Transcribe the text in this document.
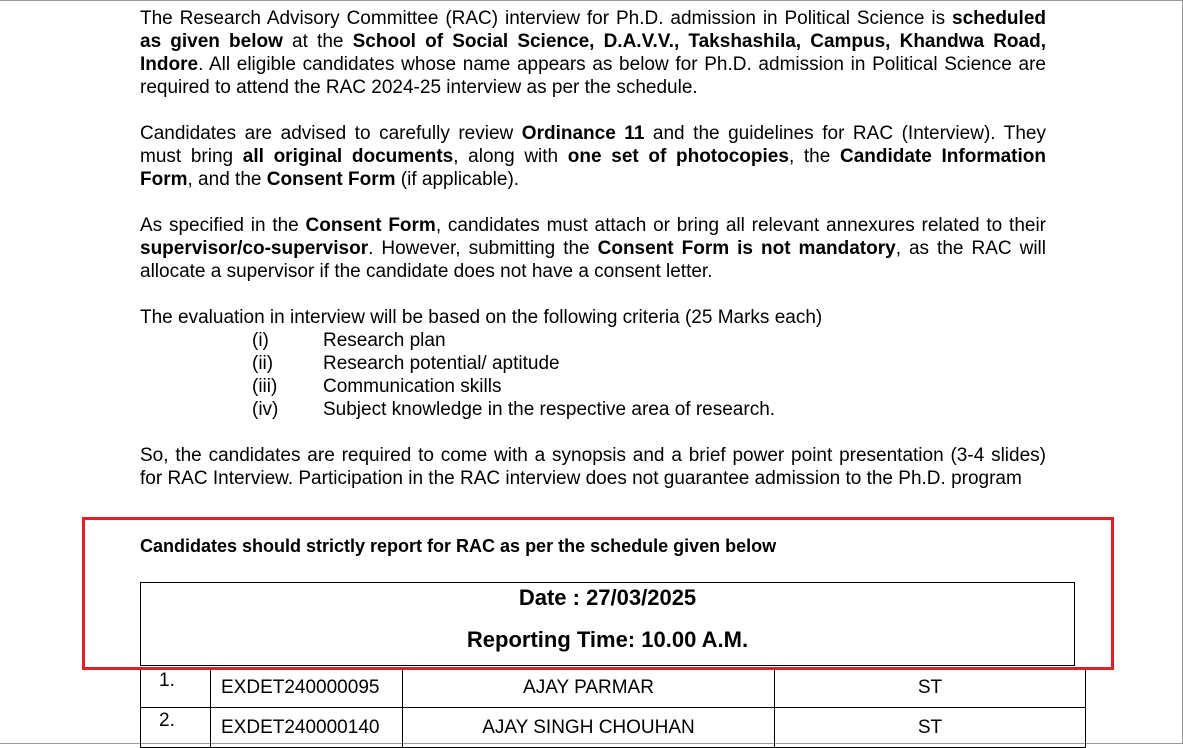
The Research Advisory Committee (RAC) interview for Ph.D. admission in Political Science is scheduled as given below at the School of Social Science, D.A.V.V., Takshashila, Campus, Khandwa Road, Indore. All eligible candidates whose name appears as below for Ph.D. admission in Political Science are required to attend the RAC 2024-25 interview as per the schedule.

Candidates are advised to carefully review Ordinance 11 and the guidelines for RAC (Interview). They must bring all original documents, along with one set of photocopies, the Candidate Information Form, and the Consent Form (if applicable).

As specified in the Consent Form, candidates must attach or bring all relevant annexures related to their supervisor/co-supervisor. However, submitting the Consent Form is not mandatory, as the RAC will allocate a supervisor if the candidate does not have a consent letter.

The evaluation in interview will be based on the following criteria (25 Marks each)
(i)	Research plan
(ii)	Research potential/ aptitude
(iii)	Communication skills
(iv)	Subject knowledge in the respective area of research.

So, the candidates are required to come with a synopsis and a brief power point presentation (3-4 slides) for RAC Interview. Participation in the RAC interview does not guarantee admission to the Ph.D. program

Candidates should strictly report for RAC as per the schedule given below
Date : 27/03/2025
Reporting Time: 10.00 A.M.
1.	EXDET240000095	AJAY PARMAR	ST

2.	EXDET240000140	AJAY SINGH CHOUHAN	ST
